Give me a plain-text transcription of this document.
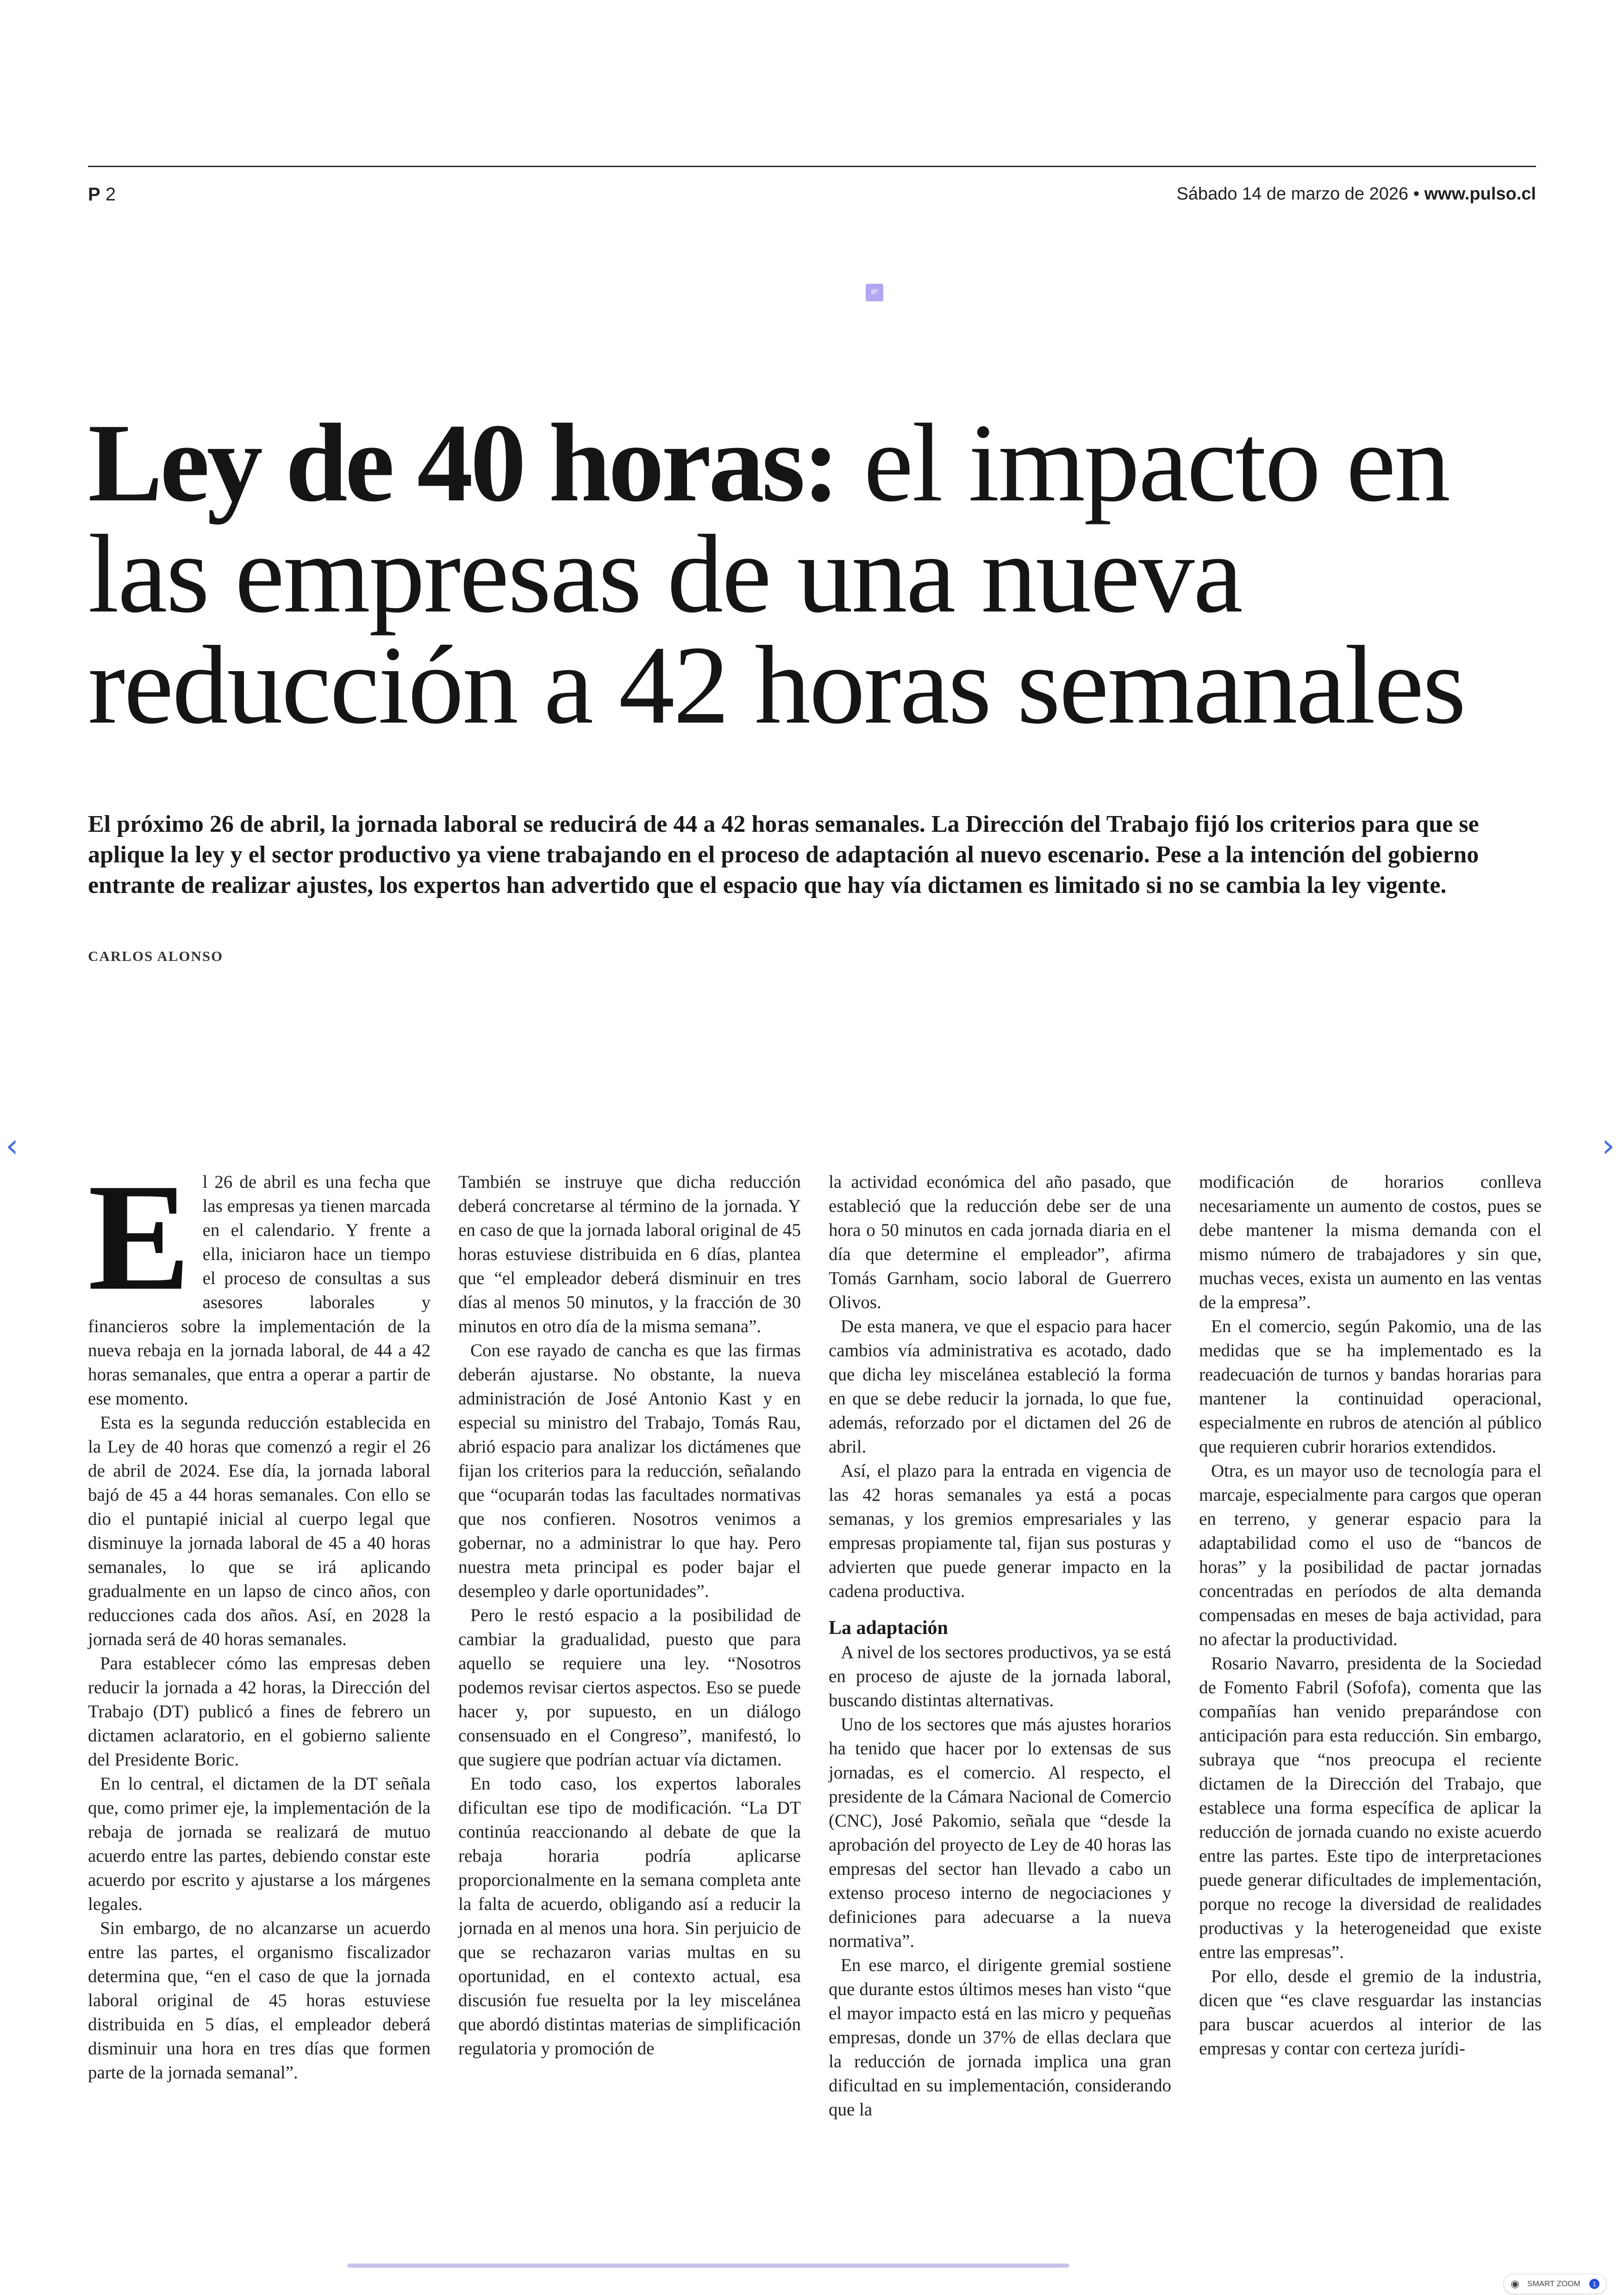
P 2	Sábado 14 de marzo de 2026 • www.pulso.cl
IP
Ley de 40 horas: el impacto en las empresas de una nueva reducción a 42 horas semanales

El próximo 26 de abril, la jornada laboral se reducirá de 44 a 42 horas semanales. La Dirección del Trabajo fijó los criterios para que se aplique la ley y el sector productivo ya viene trabajando en el proceso de adaptación al nuevo escenario. Pese a la intención del gobierno entrante de realizar ajustes, los expertos han advertido que el espacio que hay vía dictamen es limitado si no se cambia la ley vigente.

CARLOS ALONSO
‹	›
E l 26 de abril es una fecha que las empresas ya tienen marcada en el calendario. Y frente a ella, iniciaron hace un tiempo el proceso de consultas a sus asesores laborales y financieros sobre la implementación de la nueva rebaja en la jornada laboral, de 44 a 42 horas semanales, que entra a operar a partir de ese momento.

Esta es la segunda reducción establecida en la Ley de 40 horas que comenzó a regir el 26 de abril de 2024. Ese día, la jornada laboral bajó de 45 a 44 horas semanales. Con ello se dio el puntapié inicial al cuerpo legal que disminuye la jornada laboral de 45 a 40 horas semanales, lo que se irá aplicando gradualmente en un lapso de cinco años, con reducciones cada dos años. Así, en 2028 la jornada será de 40 horas semanales.

Para establecer cómo las empresas deben reducir la jornada a 42 horas, la Dirección del Trabajo (DT) publicó a fines de febrero un dictamen aclaratorio, en el gobierno saliente del Presidente Boric.

En lo central, el dictamen de la DT señala que, como primer eje, la implementación de la rebaja de jornada se realizará de mutuo acuerdo entre las partes, debiendo constar este acuerdo por escrito y ajustarse a los márgenes legales.

Sin embargo, de no alcanzarse un acuerdo entre las partes, el organismo fiscalizador determina que, “en el caso de que la jornada laboral original de 45 horas estuviese distribuida en 5 días, el empleador deberá disminuir una hora en tres días que formen parte de la jornada semanal”.

También se instruye que dicha reducción deberá concretarse al término de la jornada. Y en caso de que la jornada laboral original de 45 horas estuviese distribuida en 6 días, plantea que “el empleador deberá disminuir en tres días al menos 50 minutos, y la fracción de 30 minutos en otro día de la misma semana”.

Con ese rayado de cancha es que las firmas deberán ajustarse. No obstante, la nueva administración de José Antonio Kast y en especial su ministro del Trabajo, Tomás Rau, abrió espacio para analizar los dictámenes que fijan los criterios para la reducción, señalando que “ocuparán todas las facultades normativas que nos confieren. Nosotros venimos a gobernar, no a administrar lo que hay. Pero nuestra meta principal es poder bajar el desempleo y darle oportunidades”.

Pero le restó espacio a la posibilidad de cambiar la gradualidad, puesto que para aquello se requiere una ley. “Nosotros podemos revisar ciertos aspectos. Eso se puede hacer y, por supuesto, en un diálogo consensuado en el Congreso”, manifestó, lo que sugiere que podrían actuar vía dictamen.

En todo caso, los expertos laborales dificultan ese tipo de modificación. “La DT continúa reaccionando al debate de que la rebaja horaria podría aplicarse proporcionalmente en la semana completa ante la falta de acuerdo, obligando así a reducir la jornada en al menos una hora. Sin perjuicio de que se rechazaron varias multas en su oportunidad, en el contexto actual, esa discusión fue resuelta por la ley miscelánea que abordó distintas materias de simplificación regulatoria y promoción de

la actividad económica del año pasado, que estableció que la reducción debe ser de una hora o 50 minutos en cada jornada diaria en el día que determine el empleador”, afirma Tomás Garnham, socio laboral de Guerrero Olivos.

De esta manera, ve que el espacio para hacer cambios vía administrativa es acotado, dado que dicha ley miscelánea estableció la forma en que se debe reducir la jornada, lo que fue, además, reforzado por el dictamen del 26 de abril.

Así, el plazo para la entrada en vigencia de las 42 horas semanales ya está a pocas semanas, y los gremios empresariales y las empresas propiamente tal, fijan sus posturas y advierten que puede generar impacto en la cadena productiva.

La adaptación

A nivel de los sectores productivos, ya se está en proceso de ajuste de la jornada laboral, buscando distintas alternativas.

Uno de los sectores que más ajustes horarios ha tenido que hacer por lo extensas de sus jornadas, es el comercio. Al respecto, el presidente de la Cámara Nacional de Comercio (CNC), José Pakomio, señala que “desde la aprobación del proyecto de Ley de 40 horas las empresas del sector han llevado a cabo un extenso proceso interno de negociaciones y definiciones para adecuarse a la nueva normativa”.

En ese marco, el dirigente gremial sostiene que durante estos últimos meses han visto “que el mayor impacto está en las micro y pequeñas empresas, donde un 37% de ellas declara que la reducción de jornada implica una gran dificultad en su implementación, considerando que la

modificación de horarios conlleva necesariamente un aumento de costos, pues se debe mantener la misma demanda con el mismo número de trabajadores y sin que, muchas veces, exista un aumento en las ventas de la empresa”.

En el comercio, según Pakomio, una de las medidas que se ha implementado es la readecuación de turnos y bandas horarias para mantener la continuidad operacional, especialmente en rubros de atención al público que requieren cubrir horarios extendidos.

Otra, es un mayor uso de tecnología para el marcaje, especialmente para cargos que operan en terreno, y generar espacio para la adaptabilidad como el uso de “bancos de horas” y la posibilidad de pactar jornadas concentradas en períodos de alta demanda compensadas en meses de baja actividad, para no afectar la productividad.

Rosario Navarro, presidenta de la Sociedad de Fomento Fabril (Sofofa), comenta que las compañías han venido preparándose con anticipación para esta reducción. Sin embargo, subraya que “nos preocupa el reciente dictamen de la Dirección del Trabajo, que establece una forma específica de aplicar la reducción de jornada cuando no existe acuerdo entre las partes. Este tipo de interpretaciones puede generar dificultades de implementación, porque no recoge la diversidad de realidades productivas y la heterogeneidad que existe entre las empresas”.

Por ello, desde el gremio de la industria, dicen que “es clave resguardar las instancias para buscar acuerdos al interior de las empresas y contar con certeza jurídi-

◉ SMART ZOOM	1
